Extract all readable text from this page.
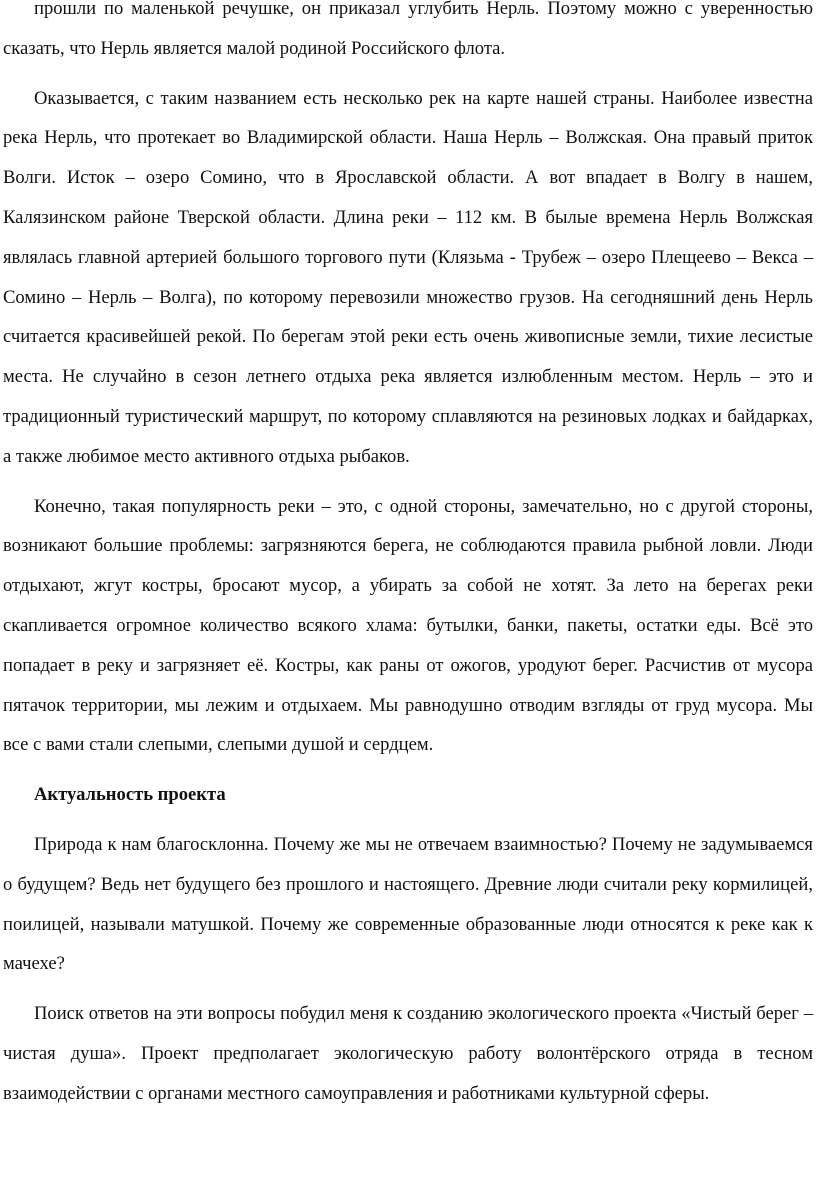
прошли по маленькой речушке, он приказал углубить Нерль. Поэтому можно с уверенностью сказать, что Нерль является малой родиной Российского флота.

Оказывается, с таким названием есть несколько рек на карте нашей страны. Наиболее известна река Нерль, что протекает во Владимирской области. Наша Нерль – Волжская. Она правый приток Волги. Исток – озеро Сомино, что в Ярославской области. А вот впадает в Волгу в нашем, Калязинском районе Тверской области. Длина реки – 112 км. В былые времена Нерль Волжская являлась главной артерией большого торгового пути (Клязьма - Трубеж – озеро Плещеево – Векса – Сомино – Нерль – Волга), по которому перевозили множество грузов. На сегодняшний день Нерль считается красивейшей рекой. По берегам этой реки есть очень живописные земли, тихие лесистые места. Не случайно в сезон летнего отдыха река является излюбленным местом. Нерль – это и традиционный туристический маршрут, по которому сплавляются на резиновых лодках и байдарках, а также любимое место активного отдыха рыбаков.

Конечно, такая популярность реки – это, с одной стороны, замечательно, но с другой стороны, возникают большие проблемы: загрязняются берега, не соблюдаются правила рыбной ловли. Люди отдыхают, жгут костры, бросают мусор, а убирать за собой не хотят. За лето на берегах реки скапливается огромное количество всякого хлама: бутылки, банки, пакеты, остатки еды. Всё это попадает в реку и загрязняет её. Костры, как раны от ожогов, уродуют берег. Расчистив от мусора пятачок территории, мы лежим и отдыхаем. Мы равнодушно отводим взгляды от груд мусора. Мы все с вами стали слепыми, слепыми душой и сердцем.

Актуальность проекта

Природа к нам благосклонна. Почему же мы не отвечаем взаимностью? Почему не задумываемся о будущем? Ведь нет будущего без прошлого и настоящего. Древние люди считали реку кормилицей, поилицей, называли матушкой. Почему же современные образованные люди относятся к реке как к мачехе?

Поиск ответов на эти вопросы побудил меня к созданию экологического проекта «Чистый берег – чистая душа». Проект предполагает экологическую работу волонтёрского отряда в тесном взаимодействии с органами местного самоуправления и работниками культурной сферы.
